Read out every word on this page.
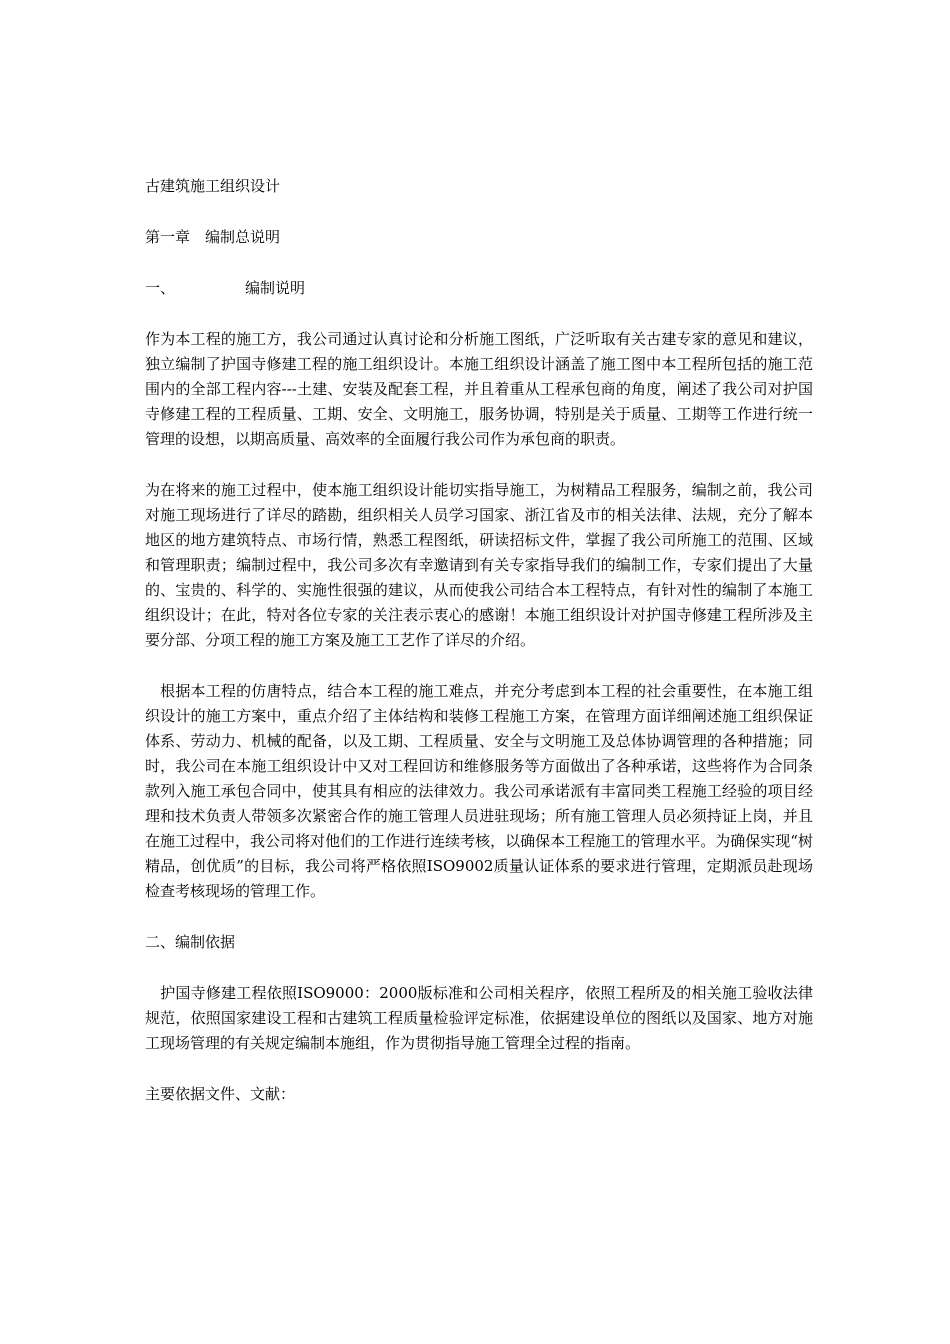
古建筑施工组织设计

第一章　编制总说明

一、	编制说明

作为本工程的施工方，我公司通过认真讨论和分析施工图纸，广泛听取有关古建专家的意见和建议，独立编制了护国寺修建工程的施工组织设计。本施工组织设计涵盖了施工图中本工程所包括的施工范围内的全部工程内容---土建、安装及配套工程，并且着重从工程承包商的角度，阐述了我公司对护国寺修建工程的工程质量、工期、安全、文明施工，服务协调，特别是关于质量、工期等工作进行统一管理的设想，以期高质量、高效率的全面履行我公司作为承包商的职责。

为在将来的施工过程中，使本施工组织设计能切实指导施工，为树精品工程服务，编制之前，我公司对施工现场进行了详尽的踏勘，组织相关人员学习国家、浙江省及市的相关法律、法规，充分了解本地区的地方建筑特点、市场行情，熟悉工程图纸，研读招标文件，掌握了我公司所施工的范围、区域和管理职责；编制过程中，我公司多次有幸邀请到有关专家指导我们的编制工作，专家们提出了大量的、宝贵的、科学的、实施性很强的建议，从而使我公司结合本工程特点，有针对性的编制了本施工组织设计；在此，特对各位专家的关注表示衷心的感谢！本施工组织设计对护国寺修建工程所涉及主要分部、分项工程的施工方案及施工工艺作了详尽的介绍。

　根据本工程的仿唐特点，结合本工程的施工难点，并充分考虑到本工程的社会重要性，在本施工组织设计的施工方案中，重点介绍了主体结构和装修工程施工方案，在管理方面详细阐述施工组织保证体系、劳动力、机械的配备，以及工期、工程质量、安全与文明施工及总体协调管理的各种措施；同时，我公司在本施工组织设计中又对工程回访和维修服务等方面做出了各种承诺，这些将作为合同条款列入施工承包合同中，使其具有相应的法律效力。我公司承诺派有丰富同类工程施工经验的项目经理和技术负责人带领多次紧密合作的施工管理人员进驻现场；所有施工管理人员必须持证上岗，并且在施工过程中，我公司将对他们的工作进行连续考核，以确保本工程施工的管理水平。为确保实现“树精品，创优质”的目标，我公司将严格依照ISO9002质量认证体系的要求进行管理，定期派员赴现场检查考核现场的管理工作。

二、编制依据

　护国寺修建工程依照ISO9000：2000版标准和公司相关程序，依照工程所及的相关施工验收法律规范，依照国家建设工程和古建筑工程质量检验评定标准，依据建设单位的图纸以及国家、地方对施工现场管理的有关规定编制本施组，作为贯彻指导施工管理全过程的指南。

主要依据文件、文献：
